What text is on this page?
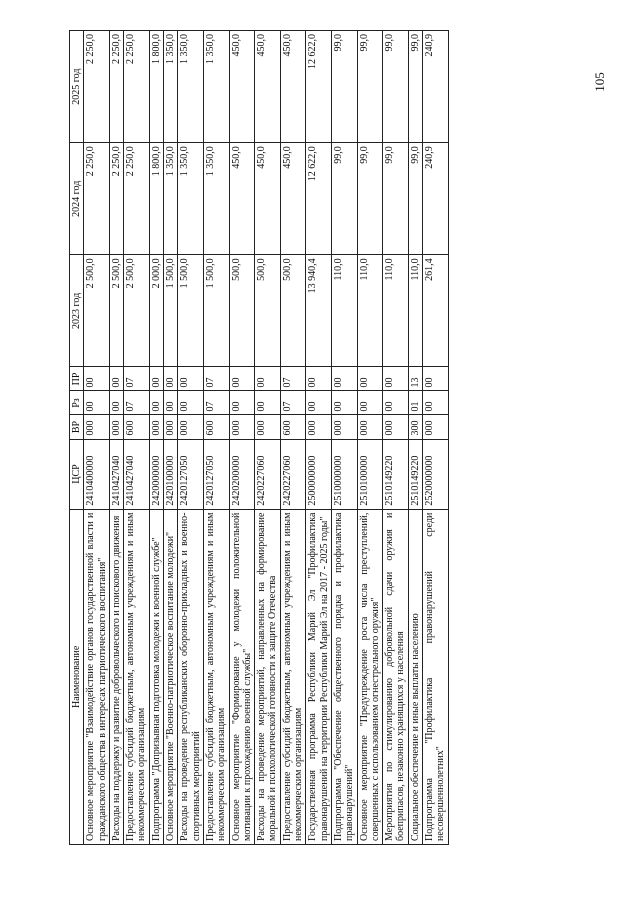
105
Наименование	ЦСР	ВР	Рз	ПР	2023 год	2024 год	2025 год
Основное мероприятие "Взаимодействие органов государственной власти и гражданского общества в интересах патриотического воспитания"	2410400000	000	00	00	2 500,0	2 250,0	2 250,0
Расходы на поддержку и развитие добровольческого и поискового движения	2410427040	000	00	00	2 500,0	2 250,0	2 250,0
Предоставление субсидий бюджетным, автономным учреждениям и иным некоммерческим организациям	2410427040	600	07	07	2 500,0	2 250,0	2 250,0
Подпрограмма "Допризывная подготовка молодежи к военной службе"	2420000000	000	00	00	2 000,0	1 800,0	1 800,0
Основное мероприятие "Военно-патриотическое воспитание молодежи"	2420100000	000	00	00	1 500,0	1 350,0	1 350,0
Расходы на проведение республиканских оборонно-прикладных и военно-спортивных мероприятий	2420127050	000	00	00	1 500,0	1 350,0	1 350,0
Предоставление субсидий бюджетным, автономным учреждениям и иным некоммерческим организациям	2420127050	600	07	07	1 500,0	1 350,0	1 350,0
Основное мероприятие "Формирование у молодежи положительной мотивации к прохождению военной службы"	2420200000	000	00	00	500,0	450,0	450,0
Расходы на проведение мероприятий, направленных на формирование моральной и психологической готовности к защите Отечества	2420227060	000	00	00	500,0	450,0	450,0
Предоставление субсидий бюджетным, автономным учреждениям и иным некоммерческим организациям	2420227060	600	07	07	500,0	450,0	450,0
Государственная программа Республики Марий Эл "Профилактика правонарушений на территории Республики Марий Эл на 2017 - 2025 годы"	2500000000	000	00	00	13 940,4	12 622,0	12 622,0
Подпрограмма "Обеспечение общественного порядка и профилактика правонарушений"	2510000000	000	00	00	110,0	99,0	99,0
Основное мероприятие "Предупреждение роста числа преступлений, совершенных с использованием огнестрельного оружия"	2510100000	000	00	00	110,0	99,0	99,0
Мероприятия по стимулированию добровольной сдачи оружия и боеприпасов, незаконно хранящихся у населения	2510149220	000	00	00	110,0	99,0	99,0
Социальное обеспечение и иные выплаты населению	2510149220	300	01	13	110,0	99,0	99,0
Подпрограмма "Профилактика правонарушений среди несовершеннолетних"	2520000000	000	00	00	261,4	240,9	240,9
